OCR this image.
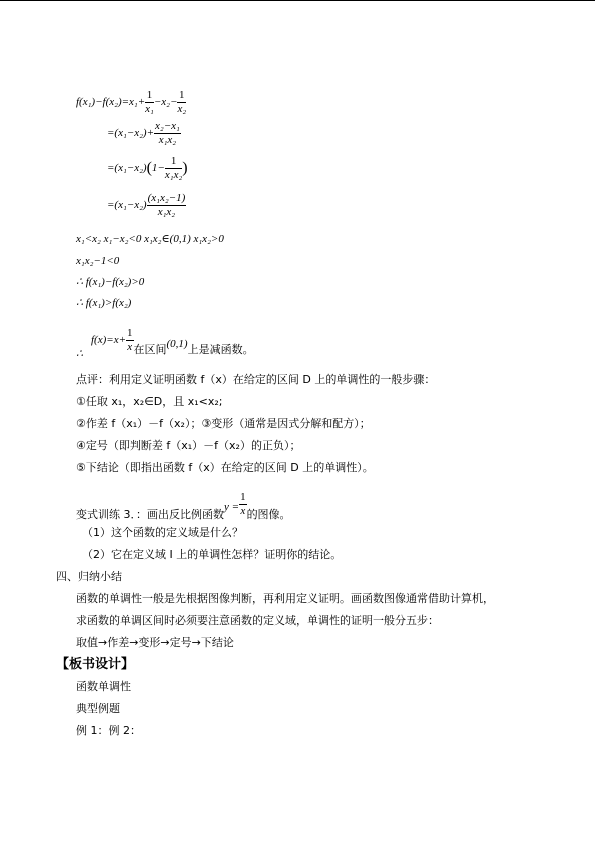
$f(x_1)-f(x_2)=x_1+ \frac{1}{\text{x₁}} -x_2- \frac{1}{\text{x₂}}$
$=(x_1-x_2)+ \frac{\text{x₂−x₁}}{\text{x₁x₂}}$
$=(x_1-x_2)(1- \frac{1}{\text{x₁x₂}}$ )
$=(x_1-x_2) \frac{\text{(x₁x₂−1)}}{\text{x₁x₂}}$
x₁<x₂ x₁−x₂<0 x₁x₂∈(0,1) x₁x₂>0
x₁x₂−1<0
∴ f(x₁)−f(x₂)>0
∴ f(x₁)>f(x₂)
∴f(x)=x+ $\frac{1}{x}$ 在区间(0,1)上是减函数。
点评：利用定义证明函数 f（x）在给定的区间 D 上的单调性的一般步骤：
①任取 x₁，x₂∈D，且 x₁<x₂;
②作差 f（x₁）－f（x₂）；③变形（通常是因式分解和配方）；
④定号（即判断差 f（x₁）－f（x₂）的正负）；
⑤下结论（即指出函数 f（x）在给定的区间 D 上的单调性）。
变式训练 3．：画出反比例函数$y = \frac{1}{x}$ 的图像。
（1）这个函数的定义域是什么？
（2）它在定义域 I 上的单调性怎样？证明你的结论。
四、归纳小结
函数的单调性一般是先根据图像判断，再利用定义证明。画函数图像通常借助计算机，
求函数的单调区间时必须要注意函数的定义域，单调性的证明一般分五步：
取值→作差→变形→定号→下结论
【板书设计】
函数单调性
典型例题
例 1：例 2：
